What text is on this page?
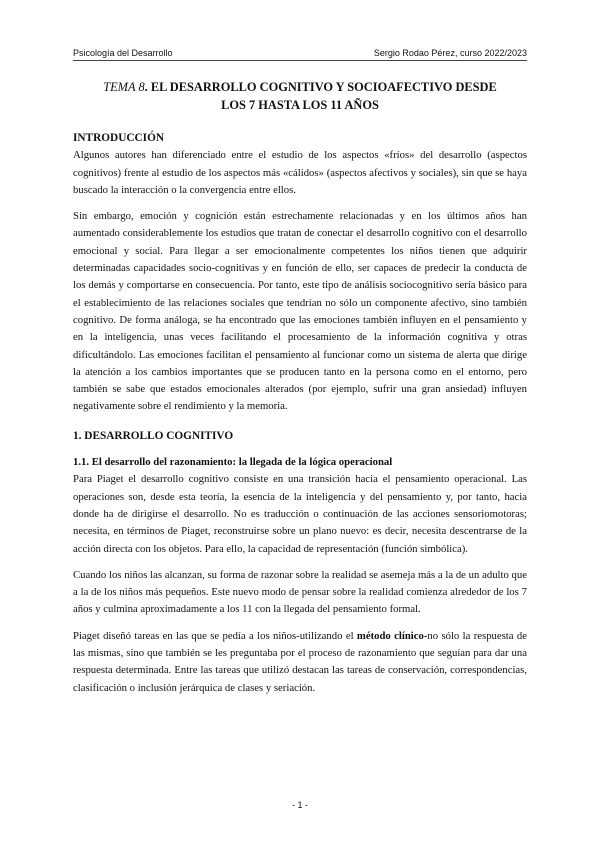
Psicología del Desarrollo	Sergio Rodao Pérez, curso 2022/2023
TEMA 8. EL DESARROLLO COGNITIVO Y SOCIOAFECTIVO DESDE
LOS 7 HASTA LOS 11 AÑOS
INTRODUCCIÓN

Algunos autores han diferenciado entre el estudio de los aspectos «fríos» del desarrollo (aspectos cognitivos) frente al estudio de los aspectos más «cálidos» (aspectos afectivos y sociales), sin que se haya buscado la interacción o la convergencia entre ellos.

Sin embargo, emoción y cognición están estrechamente relacionadas y en los últimos años han aumentado considerablemente los estudios que tratan de conectar el desarrollo cognitivo con el desarrollo emocional y social. Para llegar a ser emocionalmente competentes los niños tienen que adquirir determinadas capacidades socio-cognitivas y en función de ello, ser capaces de predecir la conducta de los demás y comportarse en consecuencia. Por tanto, este tipo de análisis sociocognitivo sería básico para el establecimiento de las relaciones sociales que tendrían no sólo un componente afectivo, sino también cognitivo. De forma análoga, se ha encontrado que las emociones también influyen en el pensamiento y en la inteligencia, unas veces facilitando el procesamiento de la información cognitiva y otras dificultándolo. Las emociones facilitan el pensamiento al funcionar como un sistema de alerta que dirige la atención a los cambios importantes que se producen tanto en la persona como en el entorno, pero también se sabe que estados emocionales alterados (por ejemplo, sufrir una gran ansiedad) influyen negativamente sobre el rendimiento y la memoria.

1. DESARROLLO COGNITIVO
1.1. El desarrollo del razonamiento: la llegada de la lógica operacional

Para Piaget el desarrollo cognitivo consiste en una transición hacia el pensamiento operacional. Las operaciones son, desde esta teoría, la esencia de la inteligencia y del pensamiento y, por tanto, hacia donde ha de dirigirse el desarrollo. No es traducción o continuación de las acciones sensoriomotoras; necesita, en términos de Piaget, reconstruirse sobre un plano nuevo: es decir, necesita descentrarse de la acción directa con los objetos. Para ello, la capacidad de representación (función simbólica).

Cuando los niños las alcanzan, su forma de razonar sobre la realidad se asemeja más a la de un adulto que a la de los niños más pequeños. Este nuevo modo de pensar sobre la realidad comienza alrededor de los 7 años y culmina aproximadamente a los 11 con la llegada del pensamiento formal.

Piaget diseñó tareas en las que se pedía a los niños-utilizando el método clínico-no sólo la respuesta de las mismas, sino que también se les preguntaba por el proceso de razonamiento que seguían para dar una respuesta determinada. Entre las tareas que utilizó destacan las tareas de conservación, correspondencias, clasificación o inclusión jerárquica de clases y seriación.

- 1 -
